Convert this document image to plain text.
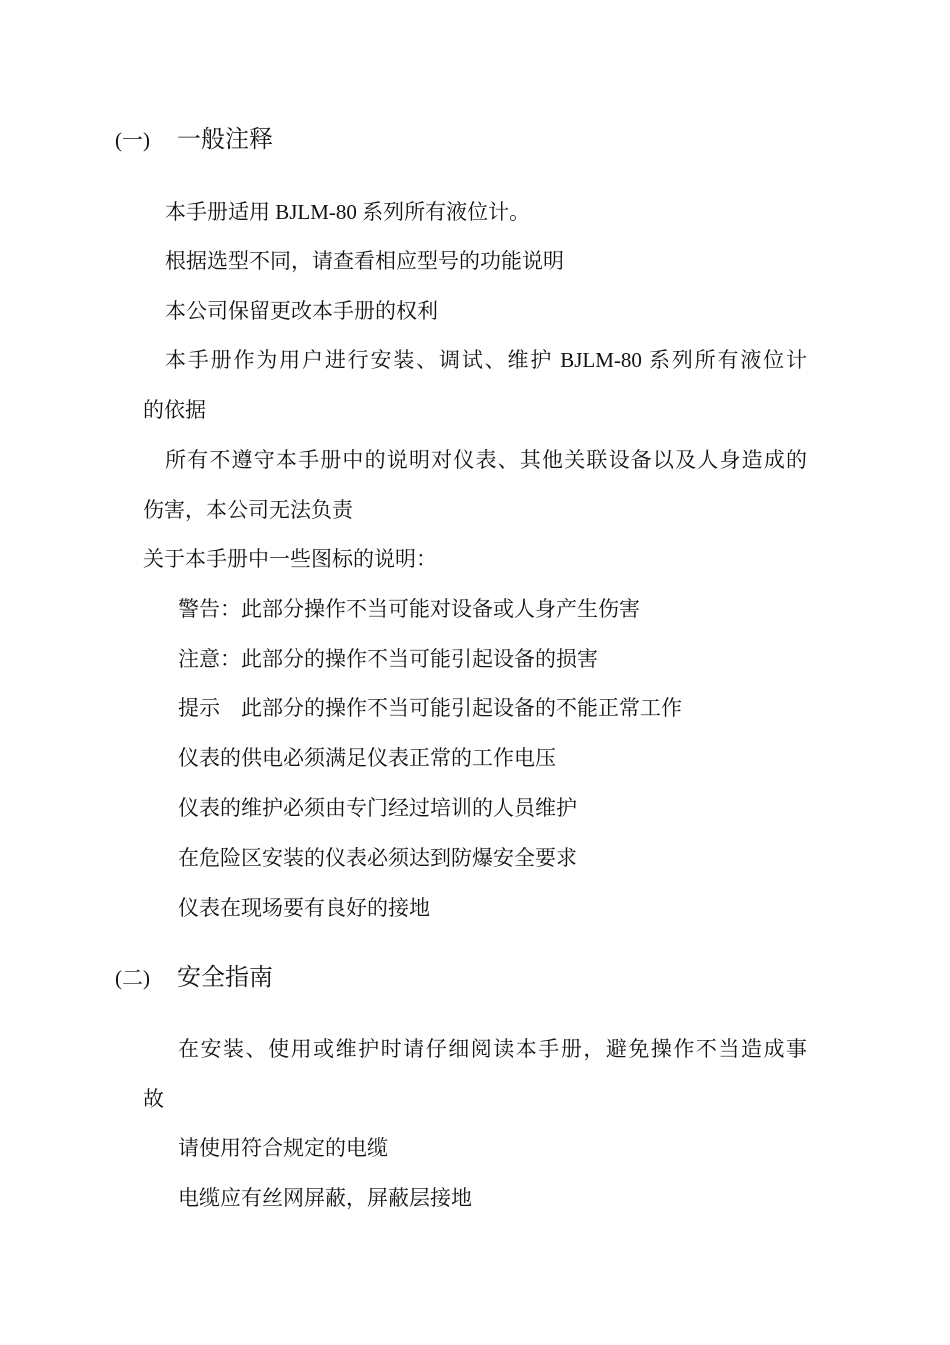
(一) 一般注释
本手册适用 BJLM-80 系列所有液位计。
根据选型不同，请查看相应型号的功能说明
本公司保留更改本手册的权利
本手册作为用户进行安装、调试、维护 BJLM-80 系列所有液位计
的依据
所有不遵守本手册中的说明对仪表、其他关联设备以及人身造成的
伤害，本公司无法负责
关于本手册中一些图标的说明：
警告：此部分操作不当可能对设备或人身产生伤害
注意：此部分的操作不当可能引起设备的损害
提示　此部分的操作不当可能引起设备的不能正常工作
仪表的供电必须满足仪表正常的工作电压
仪表的维护必须由专门经过培训的人员维护
在危险区安装的仪表必须达到防爆安全要求
仪表在现场要有良好的接地
(二) 安全指南
在安装、使用或维护时请仔细阅读本手册，避免操作不当造成事
故
请使用符合规定的电缆
电缆应有丝网屏蔽，屏蔽层接地
